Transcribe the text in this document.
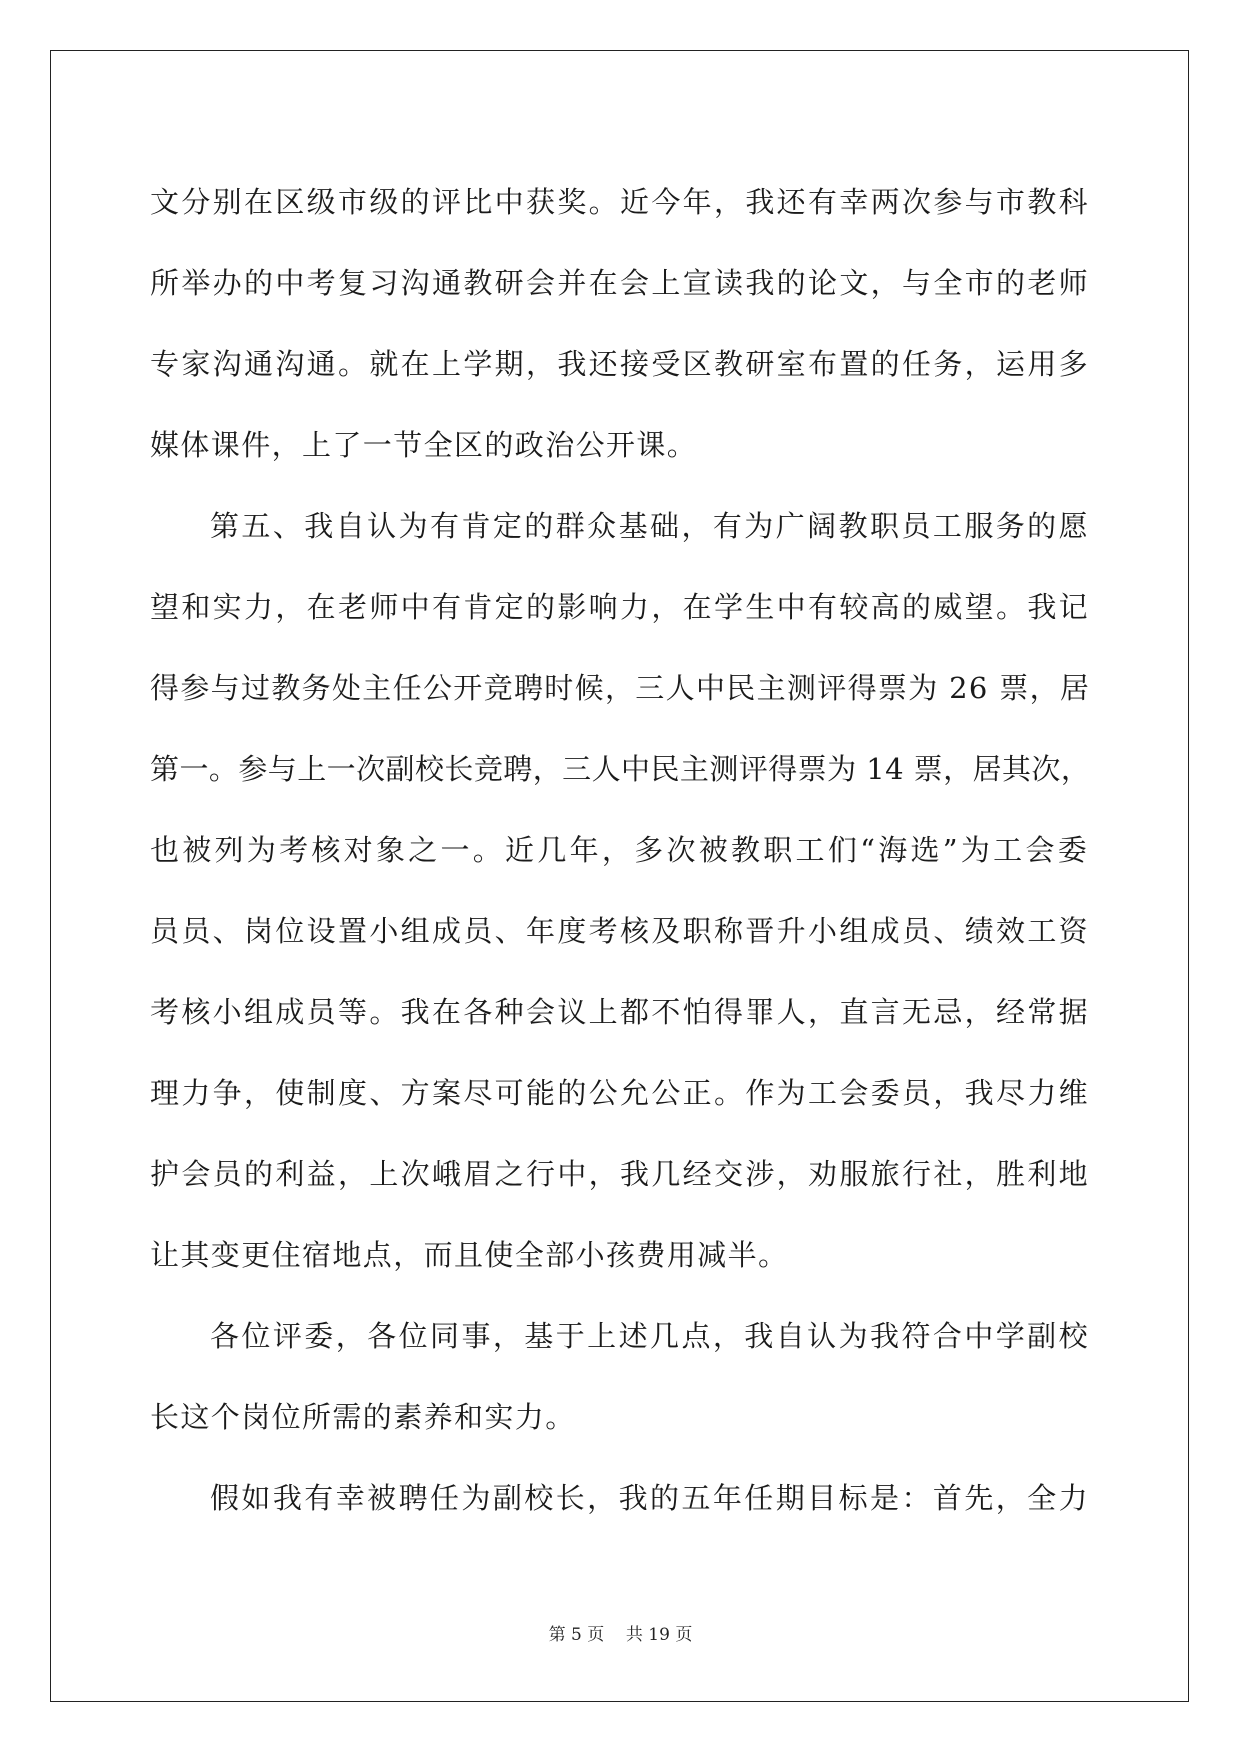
文分别在区级市级的评比中获奖。近今年，我还有幸两次参与市教科
所举办的中考复习沟通教研会并在会上宣读我的论文，与全市的老师
专家沟通沟通。就在上学期，我还接受区教研室布置的任务，运用多
媒体课件，上了一节全区的政治公开课。
第五、我自认为有肯定的群众基础，有为广阔教职员工服务的愿
望和实力，在老师中有肯定的影响力，在学生中有较高的威望。我记
得参与过教务处主任公开竞聘时候，三人中民主测评得票为 26 票，居
第一。参与上一次副校长竞聘，三人中民主测评得票为 14 票，居其次，
也被列为考核对象之一。近几年，多次被教职工们“海选”为工会委
员员、岗位设置小组成员、年度考核及职称晋升小组成员、绩效工资
考核小组成员等。我在各种会议上都不怕得罪人，直言无忌，经常据
理力争，使制度、方案尽可能的公允公正。作为工会委员，我尽力维
护会员的利益，上次峨眉之行中，我几经交涉，劝服旅行社，胜利地
让其变更住宿地点，而且使全部小孩费用减半。
各位评委，各位同事，基于上述几点，我自认为我符合中学副校
长这个岗位所需的素养和实力。
假如我有幸被聘任为副校长，我的五年任期目标是：首先，全力
第 5 页 共 19 页
